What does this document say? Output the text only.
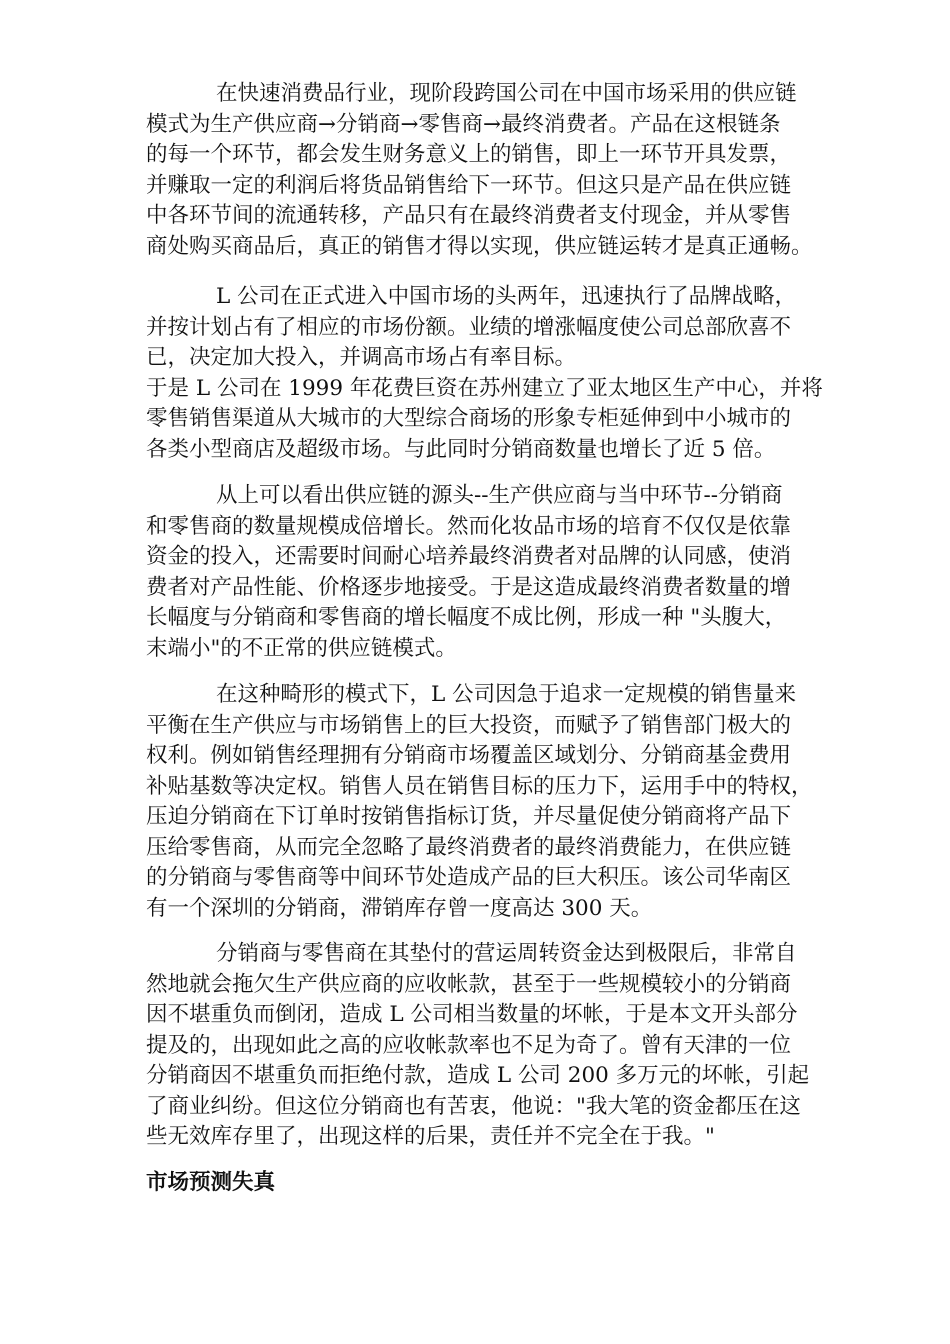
在快速消费品行业，现阶段跨国公司在中国市场采用的供应链
模式为生产供应商→分销商→零售商→最终消费者。产品在这根链条
的每一个环节，都会发生财务意义上的销售，即上一环节开具发票，
并赚取一定的利润后将货品销售给下一环节。但这只是产品在供应链
中各环节间的流通转移，产品只有在最终消费者支付现金，并从零售
商处购买商品后，真正的销售才得以实现，供应链运转才是真正通畅。
L 公司在正式进入中国市场的头两年，迅速执行了品牌战略，
并按计划占有了相应的市场份额。业绩的增涨幅度使公司总部欣喜不
已，决定加大投入，并调高市场占有率目标。
于是 L 公司在 1999 年花费巨资在苏州建立了亚太地区生产中心，并将
零售销售渠道从大城市的大型综合商场的形象专柜延伸到中小城市的
各类小型商店及超级市场。与此同时分销商数量也增长了近 5 倍。
从上可以看出供应链的源头--生产供应商与当中环节--分销商
和零售商的数量规模成倍增长。然而化妆品市场的培育不仅仅是依靠
资金的投入，还需要时间耐心培养最终消费者对品牌的认同感，使消
费者对产品性能、价格逐步地接受。于是这造成最终消费者数量的增
长幅度与分销商和零售商的增长幅度不成比例，形成一种 "头腹大，
末端小"的不正常的供应链模式。
在这种畸形的模式下，L 公司因急于追求一定规模的销售量来
平衡在生产供应与市场销售上的巨大投资，而赋予了销售部门极大的
权利。例如销售经理拥有分销商市场覆盖区域划分、分销商基金费用
补贴基数等决定权。销售人员在销售目标的压力下，运用手中的特权，
压迫分销商在下订单时按销售指标订货，并尽量促使分销商将产品下
压给零售商，从而完全忽略了最终消费者的最终消费能力，在供应链
的分销商与零售商等中间环节处造成产品的巨大积压。该公司华南区
有一个深圳的分销商，滞销库存曾一度高达 300 天。
分销商与零售商在其垫付的营运周转资金达到极限后，非常自
然地就会拖欠生产供应商的应收帐款，甚至于一些规模较小的分销商
因不堪重负而倒闭，造成 L 公司相当数量的坏帐，于是本文开头部分
提及的，出现如此之高的应收帐款率也不足为奇了。曾有天津的一位
分销商因不堪重负而拒绝付款，造成 L 公司 200 多万元的坏帐，引起
了商业纠纷。但这位分销商也有苦衷，他说："我大笔的资金都压在这
些无效库存里了，出现这样的后果，责任并不完全在于我。"
市场预测失真
